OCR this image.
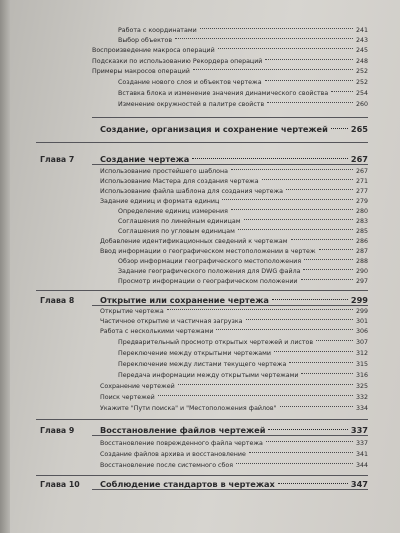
Работа с координатами	241
Выбор объектов	243
Воспроизведение макроса операций	245
Подсказки по использованию Рекордера операций	248
Примеры макросов операций	252
Создание нового слоя и объектов чертежа	252
Вставка блока и изменение значения динамического свойства	254
Изменение окружностей в палитре свойств	260
Создание, организация и сохранение чертежей	265
Глава 7	Создание чертежа	267
Использование простейшего шаблона	267
Использование Мастера для создания чертежа	271
Использование файла шаблона для создания чертежа	277
Задание единиц и формата единиц	279
Определение единиц измерения	280
Соглашения по линейным единицам	283
Соглашения по угловым единицам	285
Добавление идентификационных сведений к чертежам	286
Ввод информации о географическом местоположении в чертеж	287
Обзор информации географического местоположения	288
Задание географического положения для DWG файла	290
Просмотр информации о географическом положении	297
Глава 8	Открытие или сохранение чертежа	299
Открытие чертежа	299
Частичное открытие и частичная загрузка	301
Работа с несколькими чертежами	306
Предварительный просмотр открытых чертежей и листов	307
Переключение между открытыми чертежами	312
Переключение между листами текущего чертежа	315
Передача информации между открытыми чертежами	316
Сохранение чертежей	325
Поиск чертежей	332
Укажите "Пути поиска" и "Местоположения файлов"	334
Глава 9	Восстановление файлов чертежей	337
Восстановление поврежденного файла чертежа	337
Создание файлов архива и восстановление	341
Восстановление после системного сбоя	344
Глава 10 Соблюдение стандартов в чертежах	347
